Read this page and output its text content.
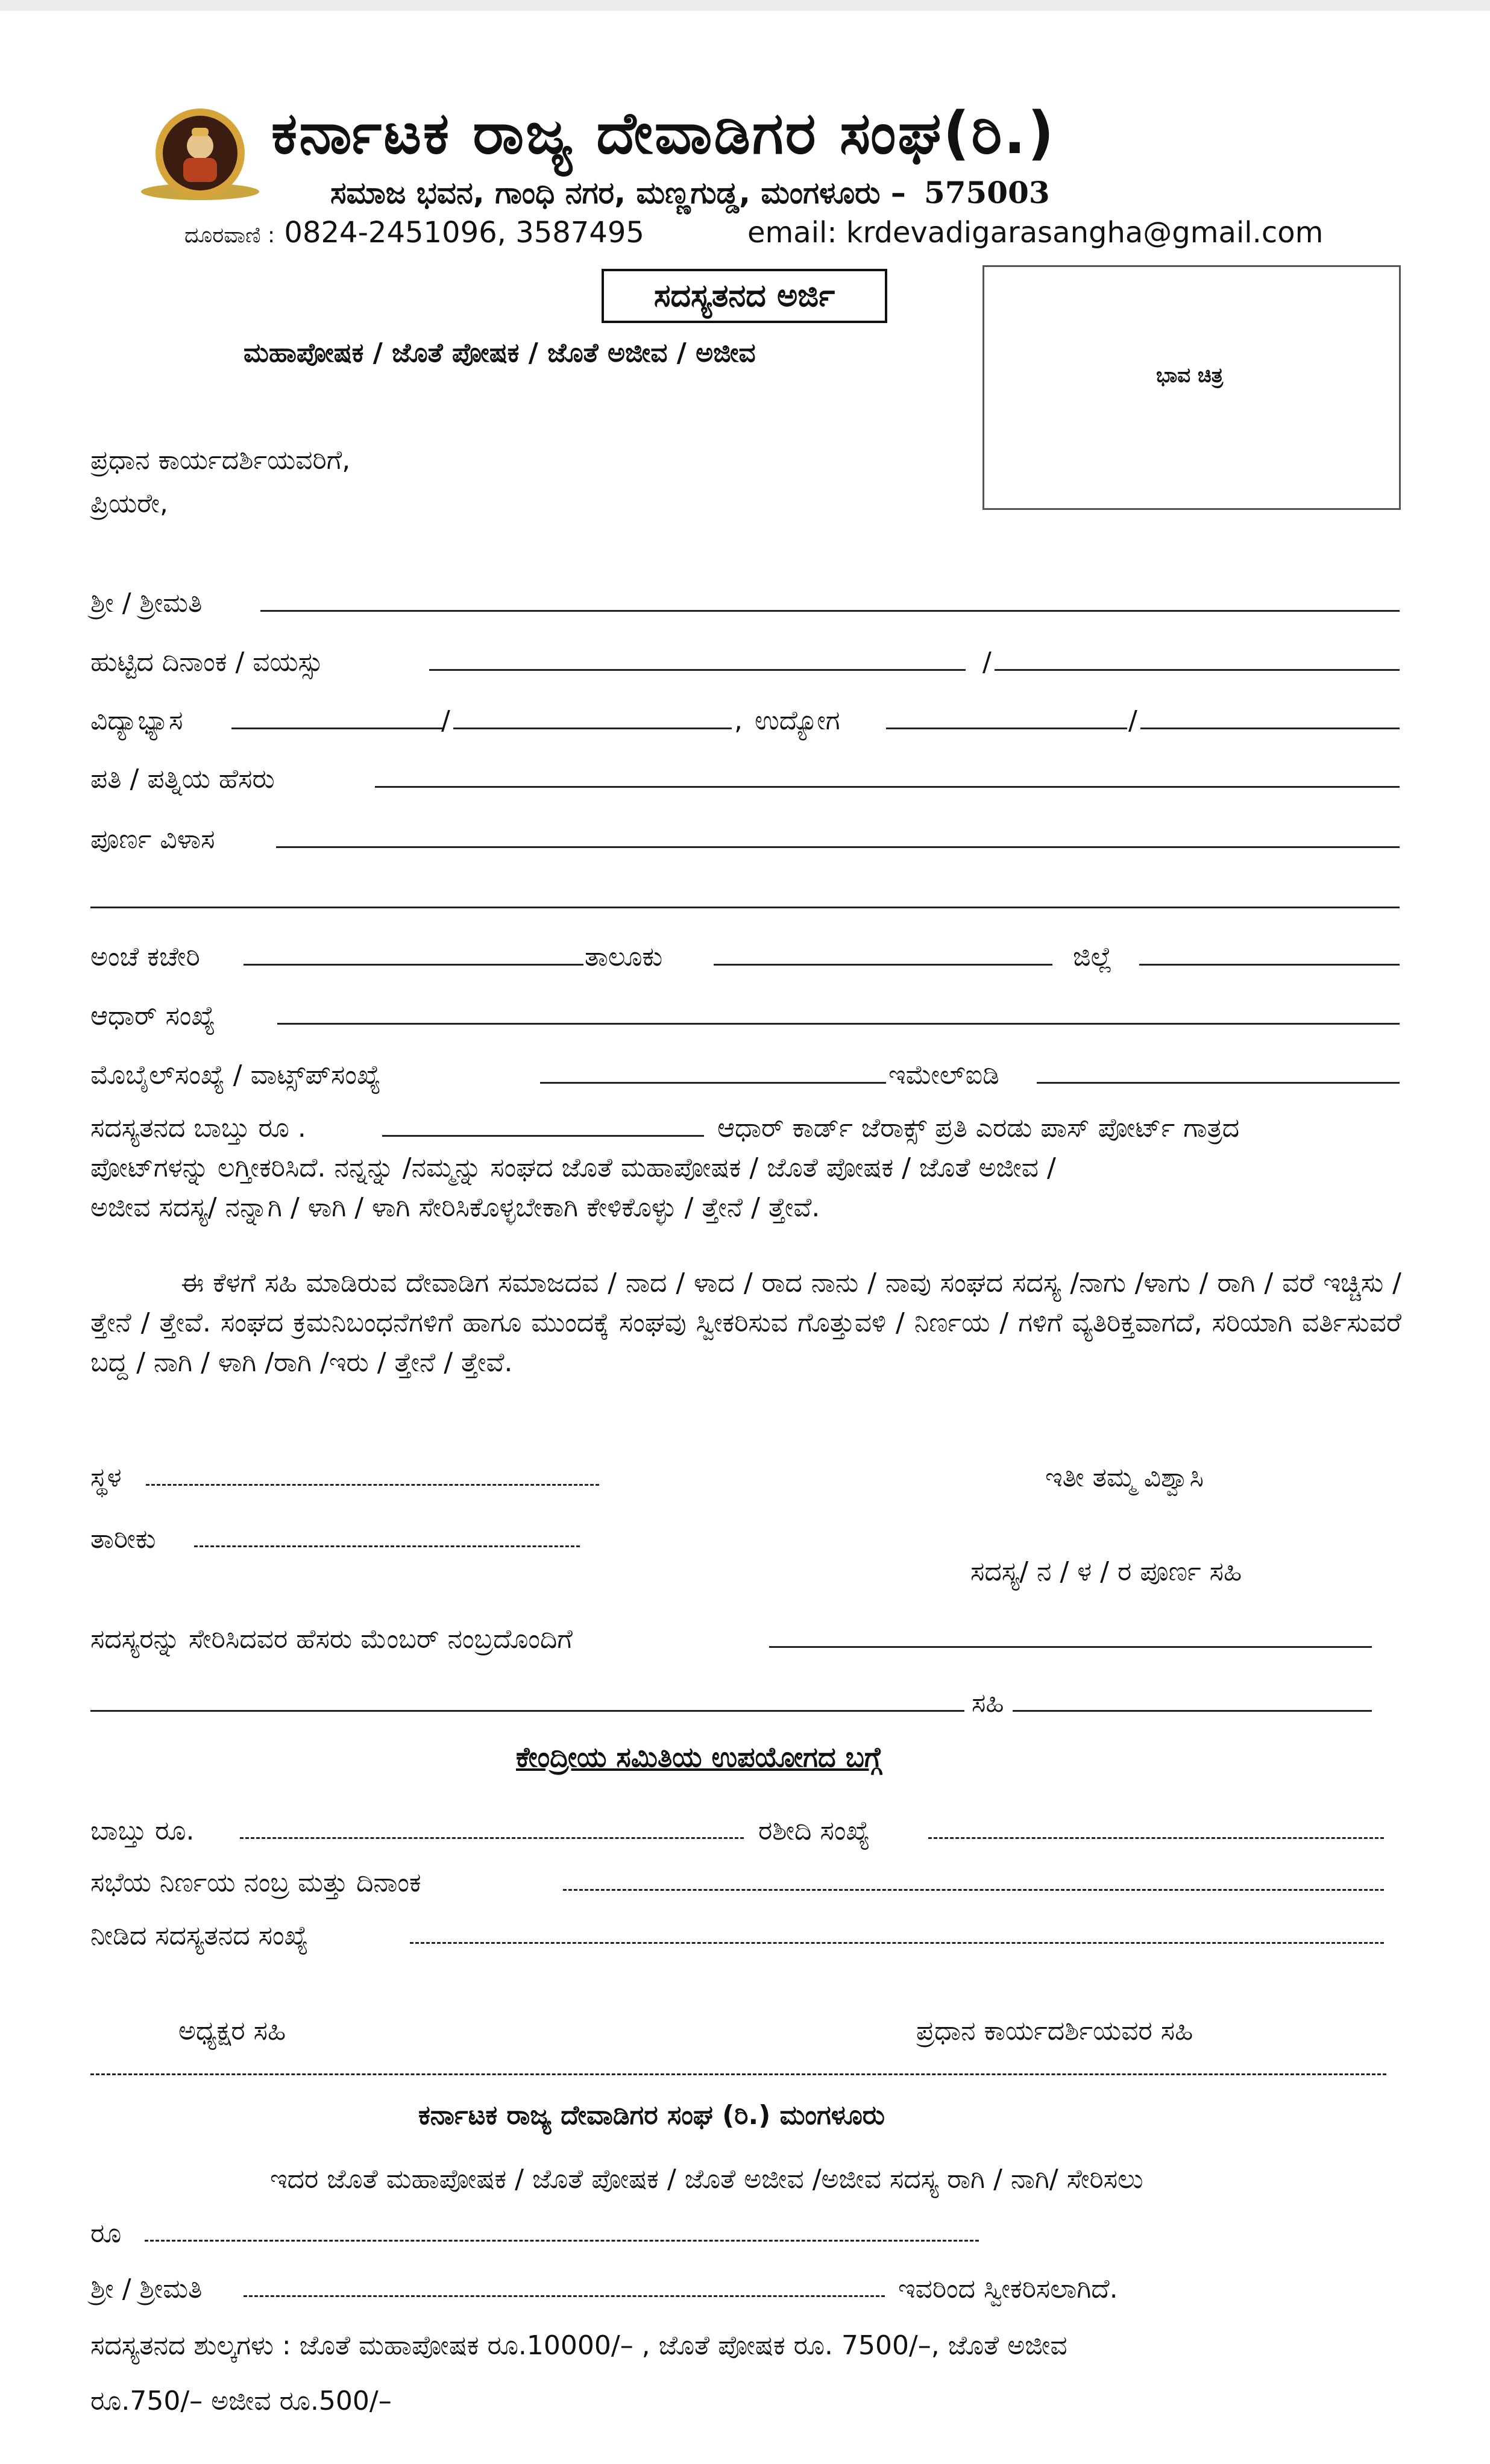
ಕರ್ನಾಟಕ ರಾಜ್ಯ ದೇವಾಡಿಗರ ಸಂಘ(ರಿ.)
ಸಮಾಜ ಭವನ, ಗಾಂಧಿ ನಗರ, ಮಣ್ಣಗುಡ್ಡ, ಮಂಗಳೂರು – 575003
ದೂರವಾಣಿ : 0824-2451096, 3587495	email: krdevadigarasangha@gmail.com
ಸದಸ್ಯತನದ ಅರ್ಜಿ
ಮಹಾಪೋಷಕ / ಜೊತೆ ಪೋಷಕ / ಜೊತೆ ಅಜೀವ / ಅಜೀವ
ಭಾವ ಚಿತ್ರ
ಪ್ರಧಾನ ಕಾರ್ಯದರ್ಶಿಯವರಿಗೆ,
ಪ್ರಿಯರೇ,
ಶ್ರೀ / ಶ್ರೀಮತಿ
ಹುಟ್ಟಿದ ದಿನಾಂಕ / ವಯಸ್ಸು	/
ವಿದ್ಯಾಭ್ಯಾಸ	/	, ಉದ್ಯೋಗ	/
ಪತಿ / ಪತ್ನಿಯ ಹೆಸರು
ಪೂರ್ಣ ವಿಳಾಸ
ಅಂಚೆ ಕಚೇರಿ	ತಾಲೂಕು	ಜಿಲ್ಲೆ
ಆಧಾರ್ ಸಂಖ್ಯೆ
ಮೊಬೈಲ್‌ಸಂಖ್ಯೆ / ವಾಟ್ಸ್‌ಪ್‌ಸಂಖ್ಯೆ	ಇಮೇಲ್‌ಐಡಿ
ಸದಸ್ಯತನದ ಬಾಬ್ತು ರೂ .	ಆಧಾರ್ ಕಾರ್ಡ್ ಜೆರಾಕ್ಸ್ ಪ್ರತಿ ಎರಡು ಪಾಸ್ ಪೋರ್ಟ್ ಗಾತ್ರದ
ಪೋಟ್‌ಗಳನ್ನು ಲಗ್ತೀಕರಿಸಿದೆ. ನನ್ನನ್ನು /ನಮ್ಮನ್ನು ಸಂಘದ ಜೊತೆ ಮಹಾಪೋಷಕ / ಜೊತೆ ಪೋಷಕ / ಜೊತೆ ಅಜೀವ /
ಅಜೀವ ಸದಸ್ಯ/ ನನ್ನಾಗಿ / ಳಾಗಿ / ಳಾಗಿ ಸೇರಿಸಿಕೊಳ್ಳಬೇಕಾಗಿ ಕೇಳಿಕೊಳ್ಳು / ತ್ತೇನೆ / ತ್ತೇವೆ.
ಈ ಕೆಳಗೆ ಸಹಿ ಮಾಡಿರುವ ದೇವಾಡಿಗ ಸಮಾಜದವ / ನಾದ / ಳಾದ / ರಾದ ನಾನು / ನಾವು ಸಂಘದ ಸದಸ್ಯ /ನಾಗು /ಳಾಗು / ರಾಗಿ / ವರೆ ಇಚ್ಚಿಸು / ತ್ತೇನೆ / ತ್ತೇವೆ. ಸಂಘದ ಕ್ರಮನಿಬಂಧನೆಗಳಿಗೆ ಹಾಗೂ ಮುಂದಕ್ಕೆ ಸಂಘವು ಸ್ವೀಕರಿಸುವ ಗೊತ್ತುವಳಿ / ನಿರ್ಣಯ / ಗಳಿಗೆ ವ್ಯತಿರಿಕ್ತವಾಗದೆ, ಸರಿಯಾಗಿ ವರ್ತಿಸುವರೆ ಬದ್ದ / ನಾಗಿ / ಳಾಗಿ /ರಾಗಿ /ಇರು / ತ್ತೇನೆ / ತ್ತೇವೆ.
ಸ್ಥಳ	ಇತೀ ತಮ್ಮ ವಿಶ್ವಾಸಿ
ತಾರೀಕು
ಸದಸ್ಯ/ ನ / ಳ / ರ ಪೂರ್ಣ ಸಹಿ
ಸದಸ್ಯರನ್ನು ಸೇರಿಸಿದವರ ಹೆಸರು ಮೆಂಬರ್ ನಂಬ್ರದೊಂದಿಗೆ
ಸಹಿ
ಕೇಂದ್ರೀಯ ಸಮಿತಿಯ ಉಪಯೋಗದ ಬಗ್ಗೆ
ಬಾಬ್ತು ರೂ.	ರಶೀದಿ ಸಂಖ್ಯೆ
ಸಭೆಯ ನಿರ್ಣಯ ನಂಬ್ರ ಮತ್ತು ದಿನಾಂಕ
ನೀಡಿದ ಸದಸ್ಯತನದ ಸಂಖ್ಯೆ
ಅಧ್ಯಕ್ಷರ ಸಹಿ	ಪ್ರಧಾನ ಕಾರ್ಯದರ್ಶಿಯವರ ಸಹಿ
ಕರ್ನಾಟಕ ರಾಜ್ಯ ದೇವಾಡಿಗರ ಸಂಘ (ರಿ.) ಮಂಗಳೂರು
ಇದರ ಜೊತೆ ಮಹಾಪೋಷಕ / ಜೊತೆ ಪೋಷಕ / ಜೊತೆ ಅಜೀವ /ಅಜೀವ ಸದಸ್ಯ ರಾಗಿ / ನಾಗಿ/ ಸೇರಿಸಲು
ರೂ
ಶ್ರೀ / ಶ್ರೀಮತಿ	ಇವರಿಂದ ಸ್ವೀಕರಿಸಲಾಗಿದೆ.
ಸದಸ್ಯತನದ ಶುಲ್ಕಗಳು : ಜೊತೆ ಮಹಾಪೋಷಕ ರೂ.10000/– , ಜೊತೆ ಪೋಷಕ ರೂ. 7500/–, ಜೊತೆ ಅಜೀವ
ರೂ.750/– ಅಜೀವ ರೂ.500/–
